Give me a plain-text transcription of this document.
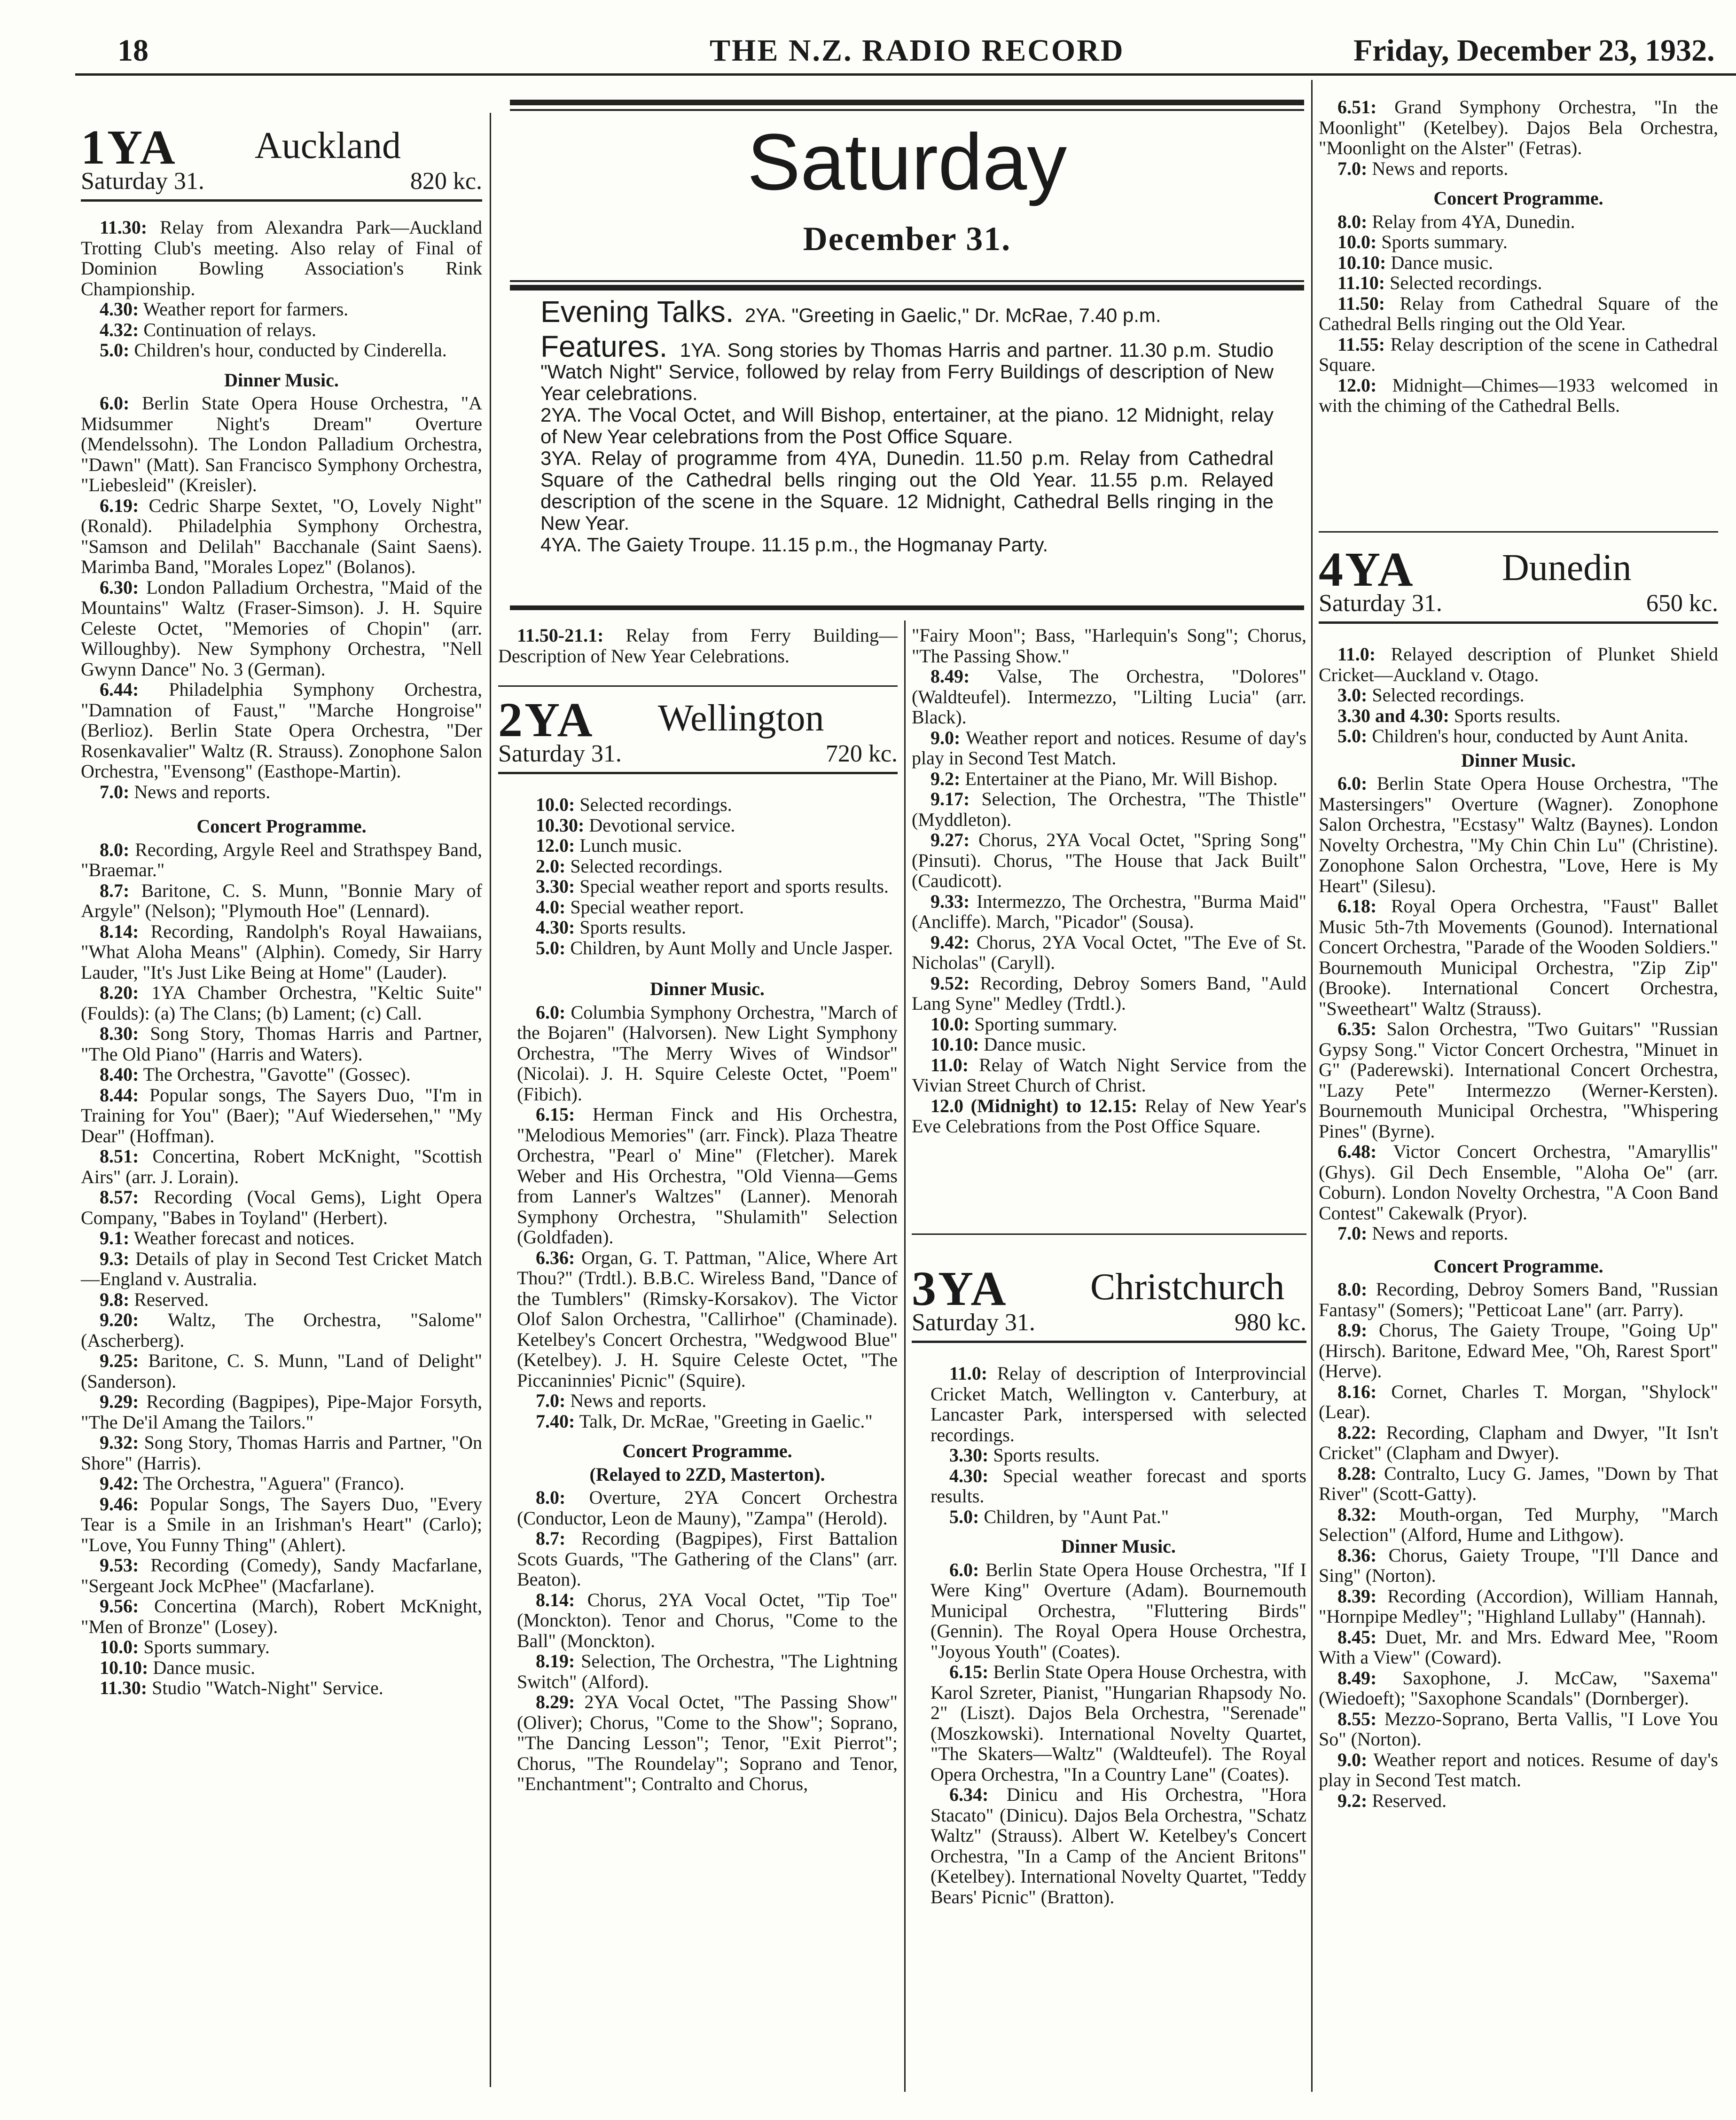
18	THE N.Z. RADIO RECORD	Friday, December 23, 1932.
1YA Auckland
Saturday 31.	820 kc.

11.30: Relay from Alexandra Park—Auckland Trotting Club's meeting. Also relay of Final of Dominion Bowling Association's Rink Championship.

4.30: Weather report for farmers.

4.32: Continuation of relays.

5.0: Children's hour, conducted by Cinderella.

Dinner Music.

6.0: Berlin State Opera House Orchestra, "A Midsummer Night's Dream" Overture (Mendelssohn). The London Palladium Orchestra, "Dawn" (Matt). San Francisco Symphony Orchestra, "Liebesleid" (Kreisler).

6.19: Cedric Sharpe Sextet, "O, Lovely Night" (Ronald). Philadelphia Symphony Orchestra, "Samson and Delilah" Bacchanale (Saint Saens). Marimba Band, "Morales Lopez" (Bolanos).

6.30: London Palladium Orchestra, "Maid of the Mountains" Waltz (Fraser-Simson). J. H. Squire Celeste Octet, "Memories of Chopin" (arr. Willoughby). New Symphony Orchestra, "Nell Gwynn Dance" No. 3 (German).

6.44: Philadelphia Symphony Orchestra, "Damnation of Faust," "Marche Hongroise" (Berlioz). Berlin State Opera Orchestra, "Der Rosenkavalier" Waltz (R. Strauss). Zonophone Salon Orchestra, "Evensong" (Easthope-Martin).

7.0: News and reports.

Concert Programme.

8.0: Recording, Argyle Reel and Strathspey Band, "Braemar."

8.7: Baritone, C. S. Munn, "Bonnie Mary of Argyle" (Nelson); "Plymouth Hoe" (Lennard).

8.14: Recording, Randolph's Royal Hawaiians, "What Aloha Means" (Alphin). Comedy, Sir Harry Lauder, "It's Just Like Being at Home" (Lauder).

8.20: 1YA Chamber Orchestra, "Keltic Suite" (Foulds): (a) The Clans; (b) Lament; (c) Call.

8.30: Song Story, Thomas Harris and Partner, "The Old Piano" (Harris and Waters).

8.40: The Orchestra, "Gavotte" (Gossec).

8.44: Popular songs, The Sayers Duo, "I'm in Training for You" (Baer); "Auf Wiedersehen," "My Dear" (Hoffman).

8.51: Concertina, Robert McKnight, "Scottish Airs" (arr. J. Lorain).

8.57: Recording (Vocal Gems), Light Opera Company, "Babes in Toyland" (Herbert).

9.1: Weather forecast and notices.

9.3: Details of play in Second Test Cricket Match—England v. Australia.

9.8: Reserved.

9.20: Waltz, The Orchestra, "Salome" (Ascherberg).

9.25: Baritone, C. S. Munn, "Land of Delight" (Sanderson).

9.29: Recording (Bagpipes), Pipe-Major Forsyth, "The De'il Amang the Tailors."

9.32: Song Story, Thomas Harris and Partner, "On Shore" (Harris).

9.42: The Orchestra, "Aguera" (Franco).

9.46: Popular Songs, The Sayers Duo, "Every Tear is a Smile in an Irishman's Heart" (Carlo); "Love, You Funny Thing" (Ahlert).

9.53: Recording (Comedy), Sandy Macfarlane, "Sergeant Jock McPhee" (Macfarlane).

9.56: Concertina (March), Robert McKnight, "Men of Bronze" (Losey).

10.0: Sports summary.

10.10: Dance music.

11.30: Studio "Watch-Night" Service.

Saturday
December 31.

Evening Talks. 2YA. "Greeting in Gaelic," Dr. McRae, 7.40 p.m.

Features. 1YA. Song stories by Thomas Harris and partner. 11.30 p.m. Studio "Watch Night" Service, followed by relay from Ferry Buildings of description of New Year celebrations.

2YA. The Vocal Octet, and Will Bishop, entertainer, at the piano. 12 Midnight, relay of New Year celebrations from the Post Office Square.

3YA. Relay of programme from 4YA, Dunedin. 11.50 p.m. Relay from Cathedral Square of the Cathedral bells ringing out the Old Year. 11.55 p.m. Relayed description of the scene in the Square. 12 Midnight, Cathedral Bells ringing in the New Year.

4YA. The Gaiety Troupe. 11.15 p.m., the Hogmanay Party.

11.50-21.1: Relay from Ferry Building—Description of New Year Celebrations.

2YA Wellington
Saturday 31.	720 kc.

10.0: Selected recordings.

10.30: Devotional service.

12.0: Lunch music.

2.0: Selected recordings.

3.30: Special weather report and sports results.

4.0: Special weather report.

4.30: Sports results.

5.0: Children, by Aunt Molly and Uncle Jasper.

Dinner Music.

6.0: Columbia Symphony Orchestra, "March of the Bojaren" (Halvorsen). New Light Symphony Orchestra, "The Merry Wives of Windsor" (Nicolai). J. H. Squire Celeste Octet, "Poem" (Fibich).

6.15: Herman Finck and His Orchestra, "Melodious Memories" (arr. Finck). Plaza Theatre Orchestra, "Pearl o' Mine" (Fletcher). Marek Weber and His Orchestra, "Old Vienna—Gems from Lanner's Waltzes" (Lanner). Menorah Symphony Orchestra, "Shulamith" Selection (Goldfaden).

6.36: Organ, G. T. Pattman, "Alice, Where Art Thou?" (Trdtl.). B.B.C. Wireless Band, "Dance of the Tumblers" (Rimsky-Korsakov). The Victor Olof Salon Orchestra, "Callirhoe" (Chaminade). Ketelbey's Concert Orchestra, "Wedgwood Blue" (Ketelbey). J. H. Squire Celeste Octet, "The Piccaninnies' Picnic" (Squire).

7.0: News and reports.

7.40: Talk, Dr. McRae, "Greeting in Gaelic."

Concert Programme.
(Relayed to 2ZD, Masterton).

8.0: Overture, 2YA Concert Orchestra (Conductor, Leon de Mauny), "Zampa" (Herold).

8.7: Recording (Bagpipes), First Battalion Scots Guards, "The Gathering of the Clans" (arr. Beaton).

8.14: Chorus, 2YA Vocal Octet, "Tip Toe" (Monckton). Tenor and Chorus, "Come to the Ball" (Monckton).

8.19: Selection, The Orchestra, "The Lightning Switch" (Alford).

8.29: 2YA Vocal Octet, "The Passing Show" (Oliver); Chorus, "Come to the Show"; Soprano, "The Dancing Lesson"; Tenor, "Exit Pierrot"; Chorus, "The Roundelay"; Soprano and Tenor, "Enchantment"; Contralto and Chorus,

"Fairy Moon"; Bass, "Harlequin's Song"; Chorus, "The Passing Show."

8.49: Valse, The Orchestra, "Dolores" (Waldteufel). Intermezzo, "Lilting Lucia" (arr. Black).

9.0: Weather report and notices. Resume of day's play in Second Test Match.

9.2: Entertainer at the Piano, Mr. Will Bishop.

9.17: Selection, The Orchestra, "The Thistle" (Myddleton).

9.27: Chorus, 2YA Vocal Octet, "Spring Song" (Pinsuti). Chorus, "The House that Jack Built" (Caudicott).

9.33: Intermezzo, The Orchestra, "Burma Maid" (Ancliffe). March, "Picador" (Sousa).

9.42: Chorus, 2YA Vocal Octet, "The Eve of St. Nicholas" (Caryll).

9.52: Recording, Debroy Somers Band, "Auld Lang Syne" Medley (Trdtl.).

10.0: Sporting summary.

10.10: Dance music.

11.0: Relay of Watch Night Service from the Vivian Street Church of Christ.

12.0 (Midnight) to 12.15: Relay of New Year's Eve Celebrations from the Post Office Square.

3YA Christchurch
Saturday 31.	980 kc.

11.0: Relay of description of Interprovincial Cricket Match, Wellington v. Canterbury, at Lancaster Park, interspersed with selected recordings.

3.30: Sports results.

4.30: Special weather forecast and sports results.

5.0: Children, by "Aunt Pat."

Dinner Music.

6.0: Berlin State Opera House Orchestra, "If I Were King" Overture (Adam). Bournemouth Municipal Orchestra, "Fluttering Birds" (Gennin). The Royal Opera House Orchestra, "Joyous Youth" (Coates).

6.15: Berlin State Opera House Orchestra, with Karol Szreter, Pianist, "Hungarian Rhapsody No. 2" (Liszt). Dajos Bela Orchestra, "Serenade" (Moszkowski). International Novelty Quartet, "The Skaters—Waltz" (Waldteufel). The Royal Opera Orchestra, "In a Country Lane" (Coates).

6.34: Dinicu and His Orchestra, "Hora Stacato" (Dinicu). Dajos Bela Orchestra, "Schatz Waltz" (Strauss). Albert W. Ketelbey's Concert Orchestra, "In a Camp of the Ancient Britons" (Ketelbey). International Novelty Quartet, "Teddy Bears' Picnic" (Bratton).

6.51: Grand Symphony Orchestra, "In the Moonlight" (Ketelbey). Dajos Bela Orchestra, "Moonlight on the Alster" (Fetras).

7.0: News and reports.

Concert Programme.

8.0: Relay from 4YA, Dunedin.

10.0: Sports summary.

10.10: Dance music.

11.10: Selected recordings.

11.50: Relay from Cathedral Square of the Cathedral Bells ringing out the Old Year.

11.55: Relay description of the scene in Cathedral Square.

12.0: Midnight—Chimes—1933 welcomed in with the chiming of the Cathedral Bells.

4YA Dunedin
Saturday 31.	650 kc.

11.0: Relayed description of Plunket Shield Cricket—Auckland v. Otago.

3.0: Selected recordings.

3.30 and 4.30: Sports results.

5.0: Children's hour, conducted by Aunt Anita.

Dinner Music.

6.0: Berlin State Opera House Orchestra, "The Mastersingers" Overture (Wagner). Zonophone Salon Orchestra, "Ecstasy" Waltz (Baynes). London Novelty Orchestra, "My Chin Chin Lu" (Christine). Zonophone Salon Orchestra, "Love, Here is My Heart" (Silesu).

6.18: Royal Opera Orchestra, "Faust" Ballet Music 5th-7th Movements (Gounod). International Concert Orchestra, "Parade of the Wooden Soldiers." Bournemouth Municipal Orchestra, "Zip Zip" (Brooke). International Concert Orchestra, "Sweetheart" Waltz (Strauss).

6.35: Salon Orchestra, "Two Guitars" "Russian Gypsy Song." Victor Concert Orchestra, "Minuet in G" (Paderewski). International Concert Orchestra, "Lazy Pete" Intermezzo (Werner-Kersten). Bournemouth Municipal Orchestra, "Whispering Pines" (Byrne).

6.48: Victor Concert Orchestra, "Amaryllis" (Ghys). Gil Dech Ensemble, "Aloha Oe" (arr. Coburn). London Novelty Orchestra, "A Coon Band Contest" Cakewalk (Pryor).

7.0: News and reports.

Concert Programme.

8.0: Recording, Debroy Somers Band, "Russian Fantasy" (Somers); "Petticoat Lane" (arr. Parry).

8.9: Chorus, The Gaiety Troupe, "Going Up" (Hirsch). Baritone, Edward Mee, "Oh, Rarest Sport" (Herve).

8.16: Cornet, Charles T. Morgan, "Shylock" (Lear).

8.22: Recording, Clapham and Dwyer, "It Isn't Cricket" (Clapham and Dwyer).

8.28: Contralto, Lucy G. James, "Down by That River" (Scott-Gatty).

8.32: Mouth-organ, Ted Murphy, "March Selection" (Alford, Hume and Lithgow).

8.36: Chorus, Gaiety Troupe, "I'll Dance and Sing" (Norton).

8.39: Recording (Accordion), William Hannah, "Hornpipe Medley"; "Highland Lullaby" (Hannah).

8.45: Duet, Mr. and Mrs. Edward Mee, "Room With a View" (Coward).

8.49: Saxophone, J. McCaw, "Saxema" (Wiedoeft); "Saxophone Scandals" (Dornberger).

8.55: Mezzo-Soprano, Berta Vallis, "I Love You So" (Norton).

9.0: Weather report and notices. Resume of day's play in Second Test match.

9.2: Reserved.
